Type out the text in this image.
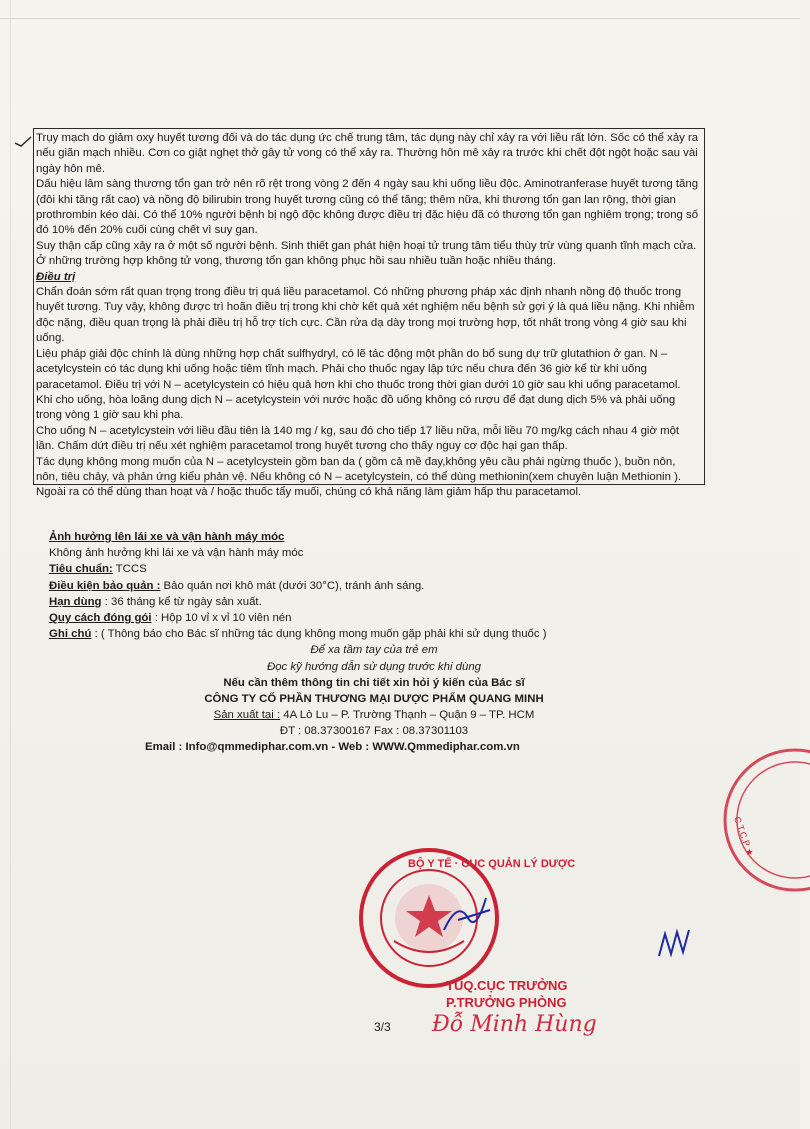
Trụy mạch do giảm oxy huyết tương đối và do tác dụng ức chế trung tâm, tác dụng này chỉ xảy ra với liều rất lớn. Sốc có thể xảy ra nếu giãn mạch nhiều. Cơn co giật nghẹt thở gây tử vong có thể xảy ra. Thường hôn mê xảy ra trước khi chết đột ngột hoặc sau vài ngày hôn mê.

Dấu hiệu lâm sàng thương tổn gan trở nên rõ rệt trong vòng 2 đến 4 ngày sau khi uống liều độc. Aminotranferase huyết tương tăng (đôi khi tăng rất cao) và nồng độ bilirubin trong huyết tương cũng có thể tăng; thêm nữa, khi thương tổn gan lan rộng, thời gian prothrombin kéo dài. Có thể 10% người bệnh bị ngộ độc không được điều trị đặc hiệu đã có thương tổn gan nghiêm trọng; trong số đó 10% đến 20% cuối cùng chết vì suy gan.

Suy thận cấp cũng xảy ra ở một số người bệnh. Sinh thiết gan phát hiện hoại tử trung tâm tiểu thùy trừ vùng quanh tĩnh mạch cửa. Ở những trường hợp không tử vong, thương tổn gan không phục hồi sau nhiều tuần hoặc nhiều tháng.

Điều trị

Chẩn đoán sớm rất quan trọng trong điều trị quá liều paracetamol. Có những phương pháp xác định nhanh nồng độ thuốc trong huyết tương. Tuy vậy, không được trì hoãn điều trị trong khi chờ kết quả xét nghiệm nếu bệnh sử gợi ý là quá liều nặng. Khi nhiễm độc nặng, điều quan trọng là phải điều trị hỗ trợ tích cực. Cần rửa dạ dày trong mọi trường hợp, tốt nhất trong vòng 4 giờ sau khi uống.

Liệu pháp giải độc chính là dùng những hợp chất sulfhydryl, có lẽ tác động một phần do bổ sung dự trữ glutathion ở gan. N – acetylcystein có tác dụng khi uống hoặc tiêm tĩnh mạch. Phải cho thuốc ngay lập tức nếu chưa đến 36 giờ kể từ khi uống paracetamol. Điều trị với N – acetylcystein có hiệu quả hơn khi cho thuốc trong thời gian dưới 10 giờ sau khi uống paracetamol. Khi cho uống, hòa loãng dung dịch N – acetylcystein với nước hoặc đồ uống không có rượu để đạt dung dịch 5% và phải uống trong vòng 1 giờ sau khi pha.

Cho uống N – acetylcystein với liều đầu tiên là 140 mg / kg, sau đó cho tiếp 17 liều nữa, mỗi liều 70 mg/kg cách nhau 4 giờ một lần. Chấm dứt điều trị nếu xét nghiệm paracetamol trong huyết tương cho thấy nguy cơ độc hại gan thấp.

Tác dụng không mong muốn của N – acetylcystein gồm ban da ( gồm cả mề đay,không yêu cầu phải ngừng thuốc ), buồn nôn, nôn, tiêu chảy, và phản ứng kiểu phản vệ. Nếu không có N – acetylcystein, có thể dùng methionin(xem chuyên luận Methionin ). Ngoài ra có thể dùng than hoạt và / hoặc thuốc tẩy muối, chúng có khả năng làm giảm hấp thu paracetamol.

Ảnh hưởng lên lái xe và vận hành máy móc

Không ảnh hưởng khi lái xe và vận hành máy móc

Tiêu chuẩn: TCCS

Điều kiện bảo quản : Bảo quản nơi khô mát (dưới 30°C), tránh ánh sáng.

Hạn dùng : 36 tháng kể từ ngày sản xuất.

Quy cách đóng gói : Hộp 10 vỉ x vỉ 10 viên nén

Ghi chú : ( Thông báo cho Bác sĩ những tác dụng không mong muốn gặp phải khi sử dụng thuốc )

Để xa tầm tay của trẻ em

Đọc kỹ hướng dẫn sử dụng trước khi dùng

Nếu cần thêm thông tin chi tiết xin hỏi ý kiến của Bác sĩ

CÔNG TY CỔ PHẦN THƯƠNG MẠI DƯỢC PHẨM QUANG MINH

Sản xuất tại : 4A Lò Lu – P. Trường Thạnh – Quận 9 – TP. HCM

ĐT : 08.37300167 Fax : 08.37301103

Email : Info@qmmediphar.com.vn - Web : WWW.Qmmediphar.com.vn
C.T.C.P ★
BỘ Y TẾ · CỤC QUẢN LÝ DƯỢC
TUQ.CỤC TRƯỞNG
P.TRƯỞNG PHÒNG
Đỗ Minh Hùng
3/3
